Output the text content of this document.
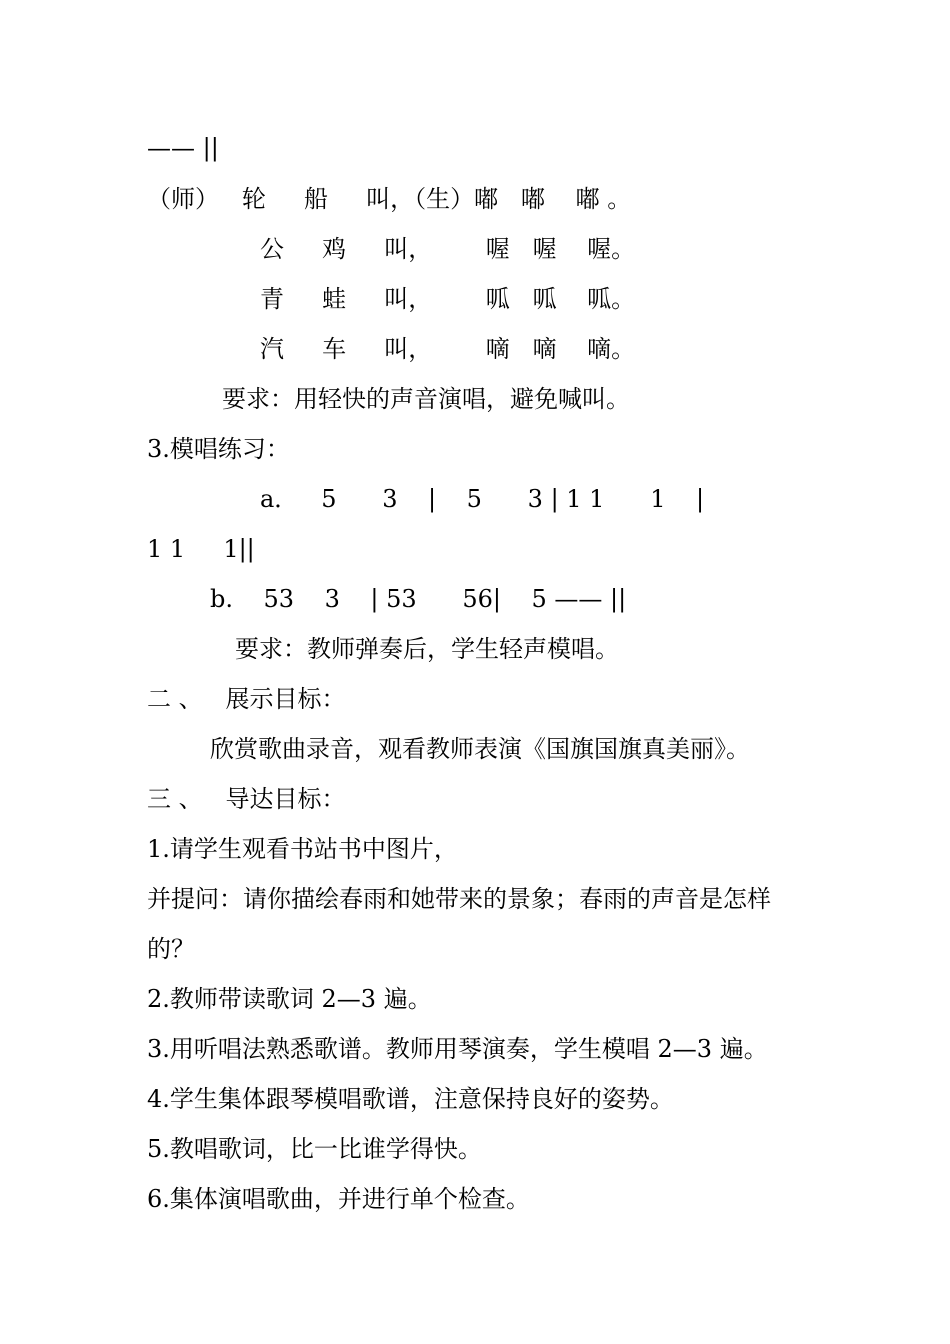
—— ||
（师）   轮     船     叫，（生）嘟   嘟    嘟 。
公     鸡     叫，       喔   喔    喔。
青     蛙     叫，       呱   呱    呱。
汽     车     叫，       嘀   嘀    嘀。
要求：用轻快的声音演唱，避免喊叫。
3.模唱练习：
a．   5      3    |    5      3 | 1 1      1    |
1 1     1||
b.    53    3    | 53      56|    5 —— ||
要求：教师弹奏后，学生轻声模唱。
二 、   展示目标：
欣赏歌曲录音，观看教师表演《国旗国旗真美丽》。
三 、   导达目标：
1.请学生观看书站书中图片，
并提问：请你描绘春雨和她带来的景象；春雨的声音是怎样
的？
2.教师带读歌词 2—3 遍。
3.用听唱法熟悉歌谱。教师用琴演奏，学生模唱 2—3 遍。
4.学生集体跟琴模唱歌谱，注意保持良好的姿势。
5.教唱歌词，比一比谁学得快。
6.集体演唱歌曲，并进行单个检查。
